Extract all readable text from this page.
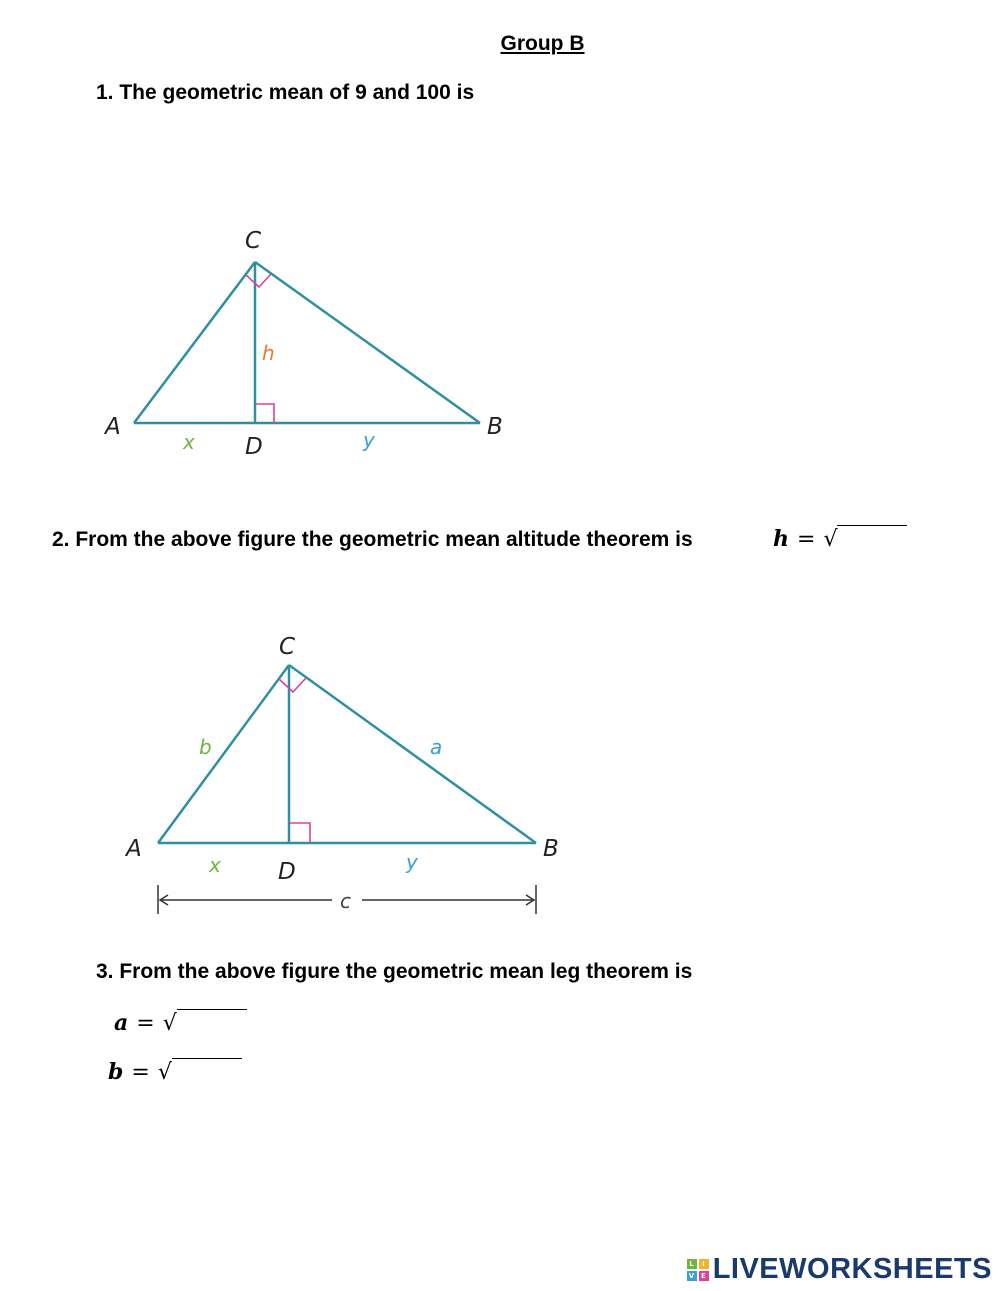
Group B
1. The geometric mean of 9 and 100 is
C
A	B
D
h
x	y
C
A	B
D
b	a
x	y
c
2. From the above figure the geometric mean altitude theorem is	h = √
3. From the above figure the geometric mean leg theorem is
a = √
b = √
L	I
V E LIVEWORKSHEETS
